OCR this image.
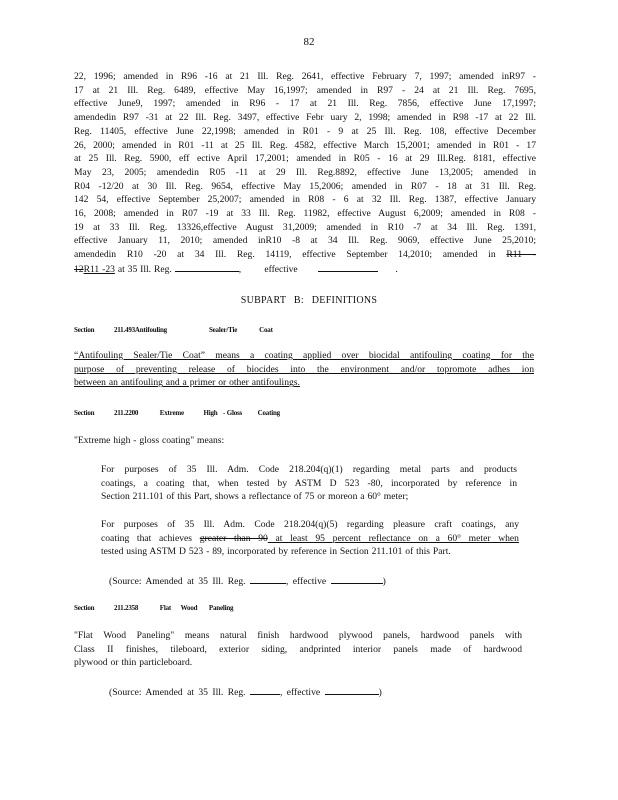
82
22, 1996; amended in R96 -16 at 21 Ill. Reg. 2641, effective February 7, 1997; amended inR97 -
17 at 21 Ill. Reg. 6489, effective May 16,1997; amended in R97 - 24 at 21 Ill. Reg. 7695,
effective June9, 1997; amended in R96 - 17 at 21 Ill. Reg. 7856, effective June 17,1997;
amendedin R97 -31 at 22 Ill. Reg. 3497, effective Febr uary 2, 1998; amended in R98 -17 at 22 Ill.
Reg. 11405, effective June 22,1998; amended in R01 - 9 at 25 Ill. Reg. 108, effective December
26, 2000; amended in R01 -11 at 25 Ill. Reg. 4582, effective March 15,2001; amended in R01 - 17
at 25 Ill. Reg. 5900, eff ective April 17,2001; amended in R05 - 16 at 29 Ill.Reg. 8181, effective
May 23, 2005; amendedin R05 -11 at 29 Ill. Reg.8892, effective June 13,2005; amended in
R04 -12/20 at 30 Ill. Reg. 9654, effective May 15,2006; amended in R07 - 18 at 31 Ill. Reg.
142 54, effective September 25,2007; amended in R08 - 6 at 32 Ill. Reg. 1387, effective January
16, 2008; amended in R07 -19 at 33 Ill. Reg. 11982, effective August 6,2009; amended in R08 -
19 at 33 Ill. Reg. 13326,effective August 31,2009; amended in R10 -7 at 34 Ill. Reg. 1391,
effective January 11, 2010; amended inR10 -8 at 34 Ill. Reg. 9069, effective June 25,2010;
amendedin R10 -20 at 34 Ill. Reg. 14119, effective September 14,2010; amended in R11 -
12R11 -23 at 35 Ill. Reg.	,        effective	.
SUBPART B: DEFINITIONS
Section	211.493Antifouling	Sealer/Tie	Coat
“Antifouling Sealer/Tie Coat” means a coating applied over biocidal antifouling coating for the
purpose of preventing release of biocides into the environment and/or topromote adhes ion
between an antifouling and a primer or other antifoulings.
Section	211.2200	Extreme	High - Gloss Coating
"Extreme high - gloss coating" means:
For purposes of 35 Ill. Adm. Code 218.204(q)(1) regarding metal parts and products
coatings, a coating that, when tested by ASTM D 523 -80, incorporated by reference in
Section 211.101 of this Part, shows a reflectance of 75 or moreon a 60° meter;
For purposes of 35 Ill. Adm. Code 218.204(q)(5) regarding pleasure craft coatings, any
coating that achieves greater than 90 at least 95 percent reflectance on a 60° meter when
tested using ASTM D 523 - 89, incorporated by reference in Section 211.101 of this Part.
(Source: Amended at 35 Ill. Reg.	, effective	)
Section	211.2358	Flat Wood Paneling
"Flat Wood Paneling" means natural finish hardwood plywood panels, hardwood panels with
Class II finishes, tileboard, exterior siding, andprinted interior panels made of hardwood
plywood or thin particleboard.
(Source: Amended at 35 Ill. Reg.	, effective	)
